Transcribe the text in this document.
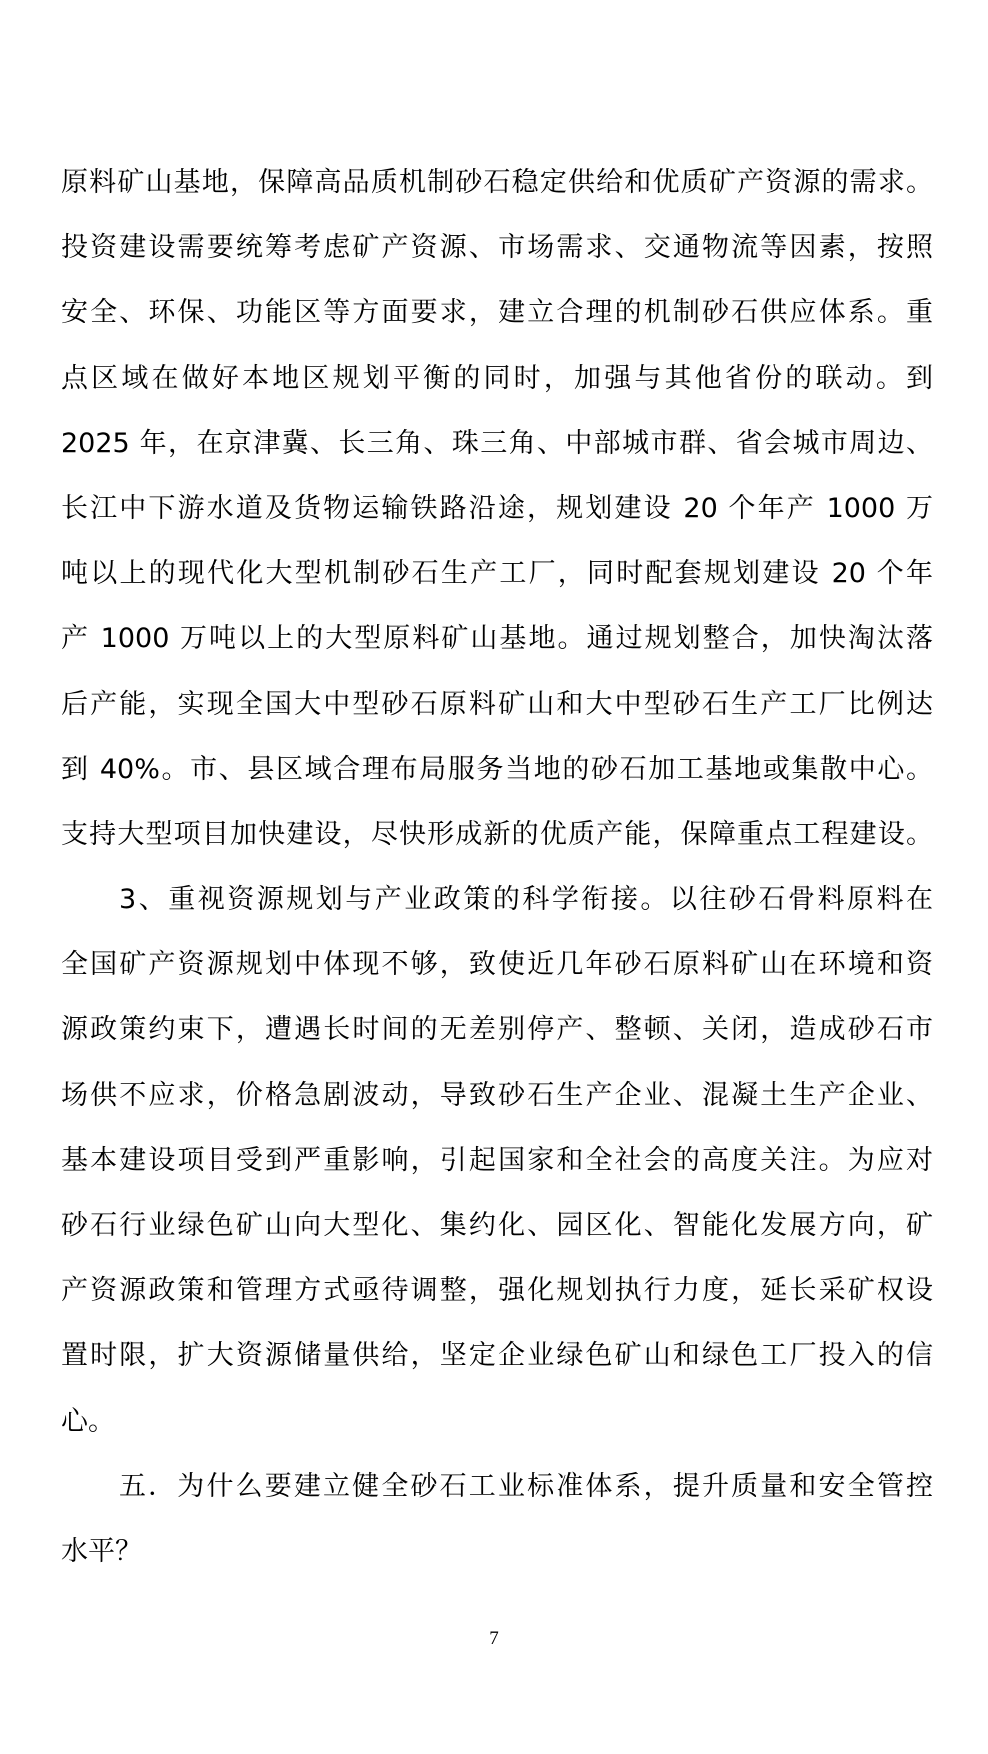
原料矿山基地，保障高品质机制砂石稳定供给和优质矿产资源的需求。
投资建设需要统筹考虑矿产资源、市场需求、交通物流等因素，按照
安全、环保、功能区等方面要求，建立合理的机制砂石供应体系。重
点区域在做好本地区规划平衡的同时，加强与其他省份的联动。到
2025 年，在京津冀、长三角、珠三角、中部城市群、省会城市周边、
长江中下游水道及货物运输铁路沿途，规划建设 20 个年产 1000 万
吨以上的现代化大型机制砂石生产工厂，同时配套规划建设 20 个年
产 1000 万吨以上的大型原料矿山基地。通过规划整合，加快淘汰落
后产能，实现全国大中型砂石原料矿山和大中型砂石生产工厂比例达
到 40%。市、县区域合理布局服务当地的砂石加工基地或集散中心。
支持大型项目加快建设，尽快形成新的优质产能，保障重点工程建设。
3、重视资源规划与产业政策的科学衔接。以往砂石骨料原料在
全国矿产资源规划中体现不够，致使近几年砂石原料矿山在环境和资
源政策约束下，遭遇长时间的无差别停产、整顿、关闭，造成砂石市
场供不应求，价格急剧波动，导致砂石生产企业、混凝土生产企业、
基本建设项目受到严重影响，引起国家和全社会的高度关注。为应对
砂石行业绿色矿山向大型化、集约化、园区化、智能化发展方向，矿
产资源政策和管理方式亟待调整，强化规划执行力度，延长采矿权设
置时限，扩大资源储量供给，坚定企业绿色矿山和绿色工厂投入的信
心。
五．为什么要建立健全砂石工业标准体系，提升质量和安全管控
水平？
7
